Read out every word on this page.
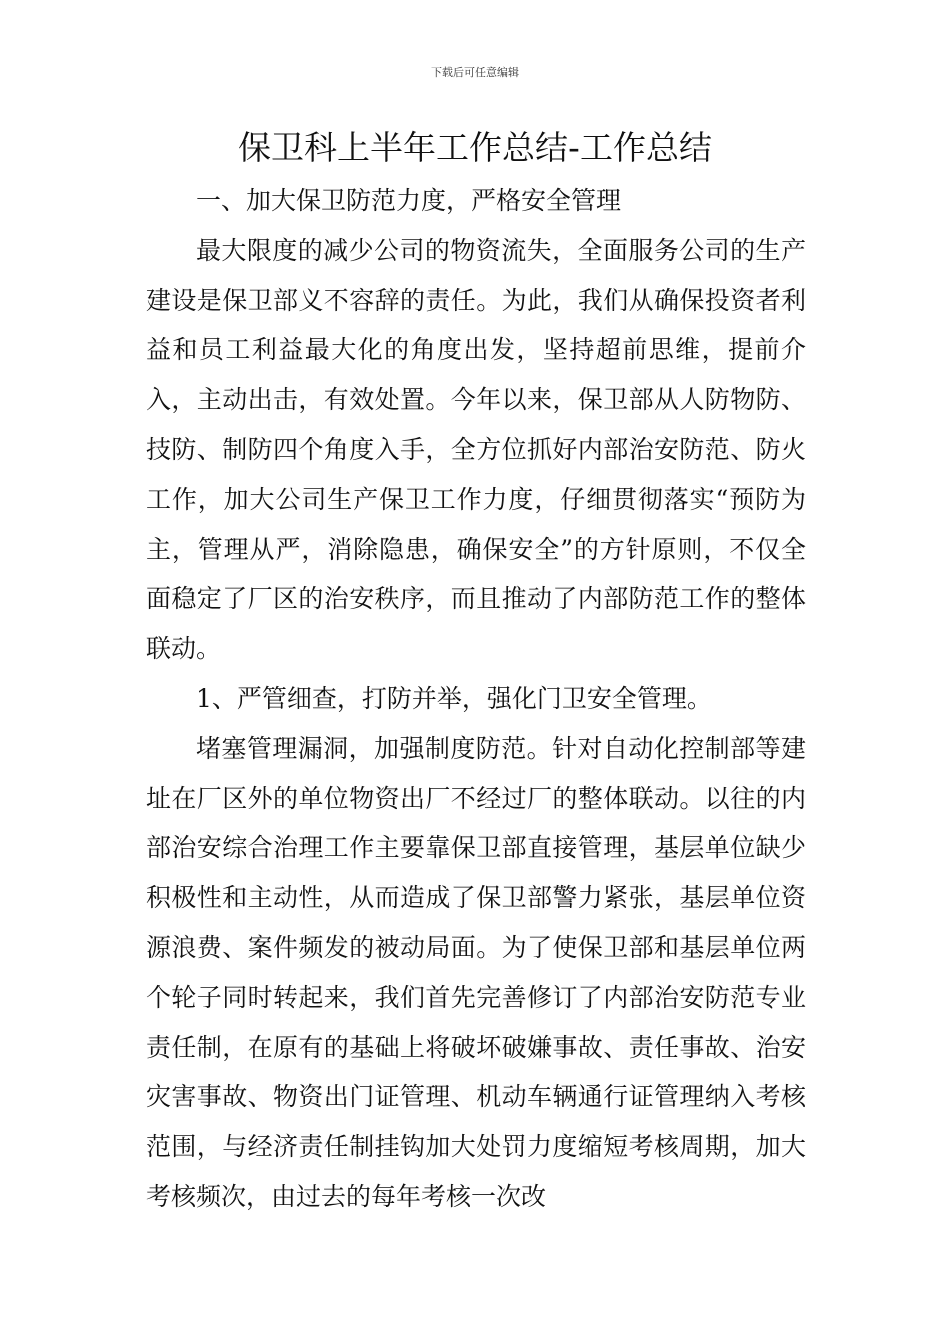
下载后可任意编辑
保卫科上半年工作总结-工作总结

一、加大保卫防范力度，严格安全管理

最大限度的减少公司的物资流失，全面服务公司的生产建设是保卫部义不容辞的责任。为此，我们从确保投资者利益和员工利益最大化的角度出发，坚持超前思维，提前介入，主动出击，有效处置。今年以来，保卫部从人防物防、技防、制防四个角度入手，全方位抓好内部治安防范、防火工作，加大公司生产保卫工作力度，仔细贯彻落实“预防为主，管理从严，消除隐患，确保安全”的方针原则，不仅全面稳定了厂区的治安秩序，而且推动了内部防范工作的整体联动。

1、严管细查，打防并举，强化门卫安全管理。

堵塞管理漏洞，加强制度防范。针对自动化控制部等建址在厂区外的单位物资出厂不经过厂的整体联动。以往的内部治安综合治理工作主要靠保卫部直接管理，基层单位缺少积极性和主动性，从而造成了保卫部警力紧张，基层单位资源浪费、案件频发的被动局面。为了使保卫部和基层单位两个轮子同时转起来，我们首先完善修订了内部治安防范专业责任制，在原有的基础上将破坏破嫌事故、责任事故、治安灾害事故、物资出门证管理、机动车辆通行证管理纳入考核范围，与经济责任制挂钩加大处罚力度缩短考核周期，加大考核频次，由过去的每年考核一次改
